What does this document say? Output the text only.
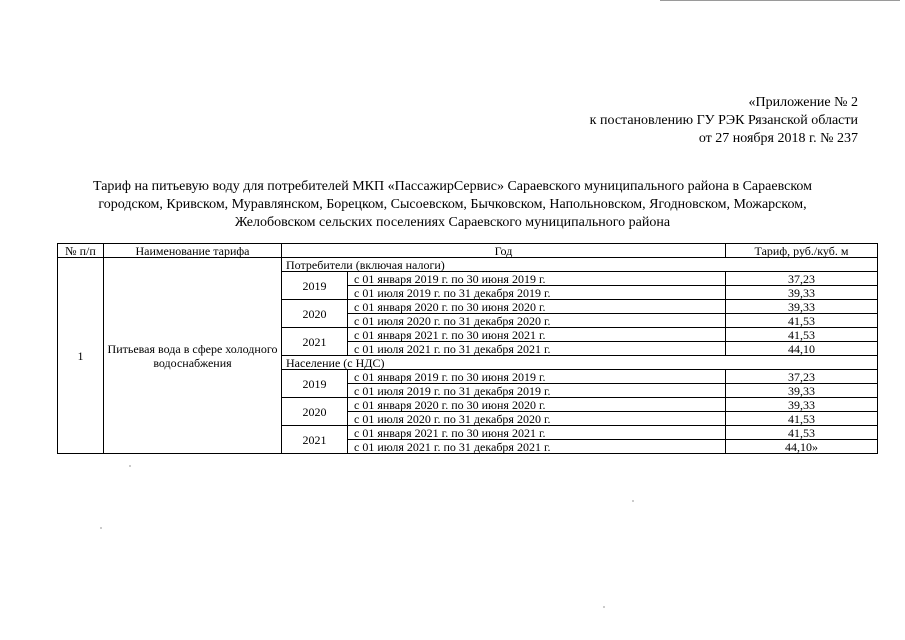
«Приложение № 2
к постановлению ГУ РЭК Рязанской области
от 27 ноября 2018 г. № 237
Тариф на питьевую воду для потребителей МКП «ПассажирСервис» Сараевского муниципального района в Сараевском
городском, Кривском, Муравлянском, Борецком, Сысоевском, Бычковском, Напольновском, Ягодновском, Можарском,
Желобовском сельских поселениях Сараевского муниципального района
№ п/п	Наименование тарифа	Год		Тариф, руб./куб. м
1	Питьевая вода в сфере холодного водоснабжения	Потребители (включая налоги)		
		2019	с 01 января 2019 г. по 30 июня 2019 г.	37,23
			с 01 июля 2019 г. по 31 декабря 2019 г.	39,33
		2020	с 01 января 2020 г. по 30 июня 2020 г.	39,33
			с 01 июля 2020 г. по 31 декабря 2020 г.	41,53
		2021	с 01 января 2021 г. по 30 июня 2021 г.	41,53
			с 01 июля 2021 г. по 31 декабря 2021 г.	44,10
		Население (с НДС)		
		2019	с 01 января 2019 г. по 30 июня 2019 г.	37,23
			с 01 июля 2019 г. по 31 декабря 2019 г.	39,33
		2020	с 01 января 2020 г. по 30 июня 2020 г.	39,33
			с 01 июля 2020 г. по 31 декабря 2020 г.	41,53
		2021	с 01 января 2021 г. по 30 июня 2021 г.	41,53
			с 01 июля 2021 г. по 31 декабря 2021 г.	44,10»
